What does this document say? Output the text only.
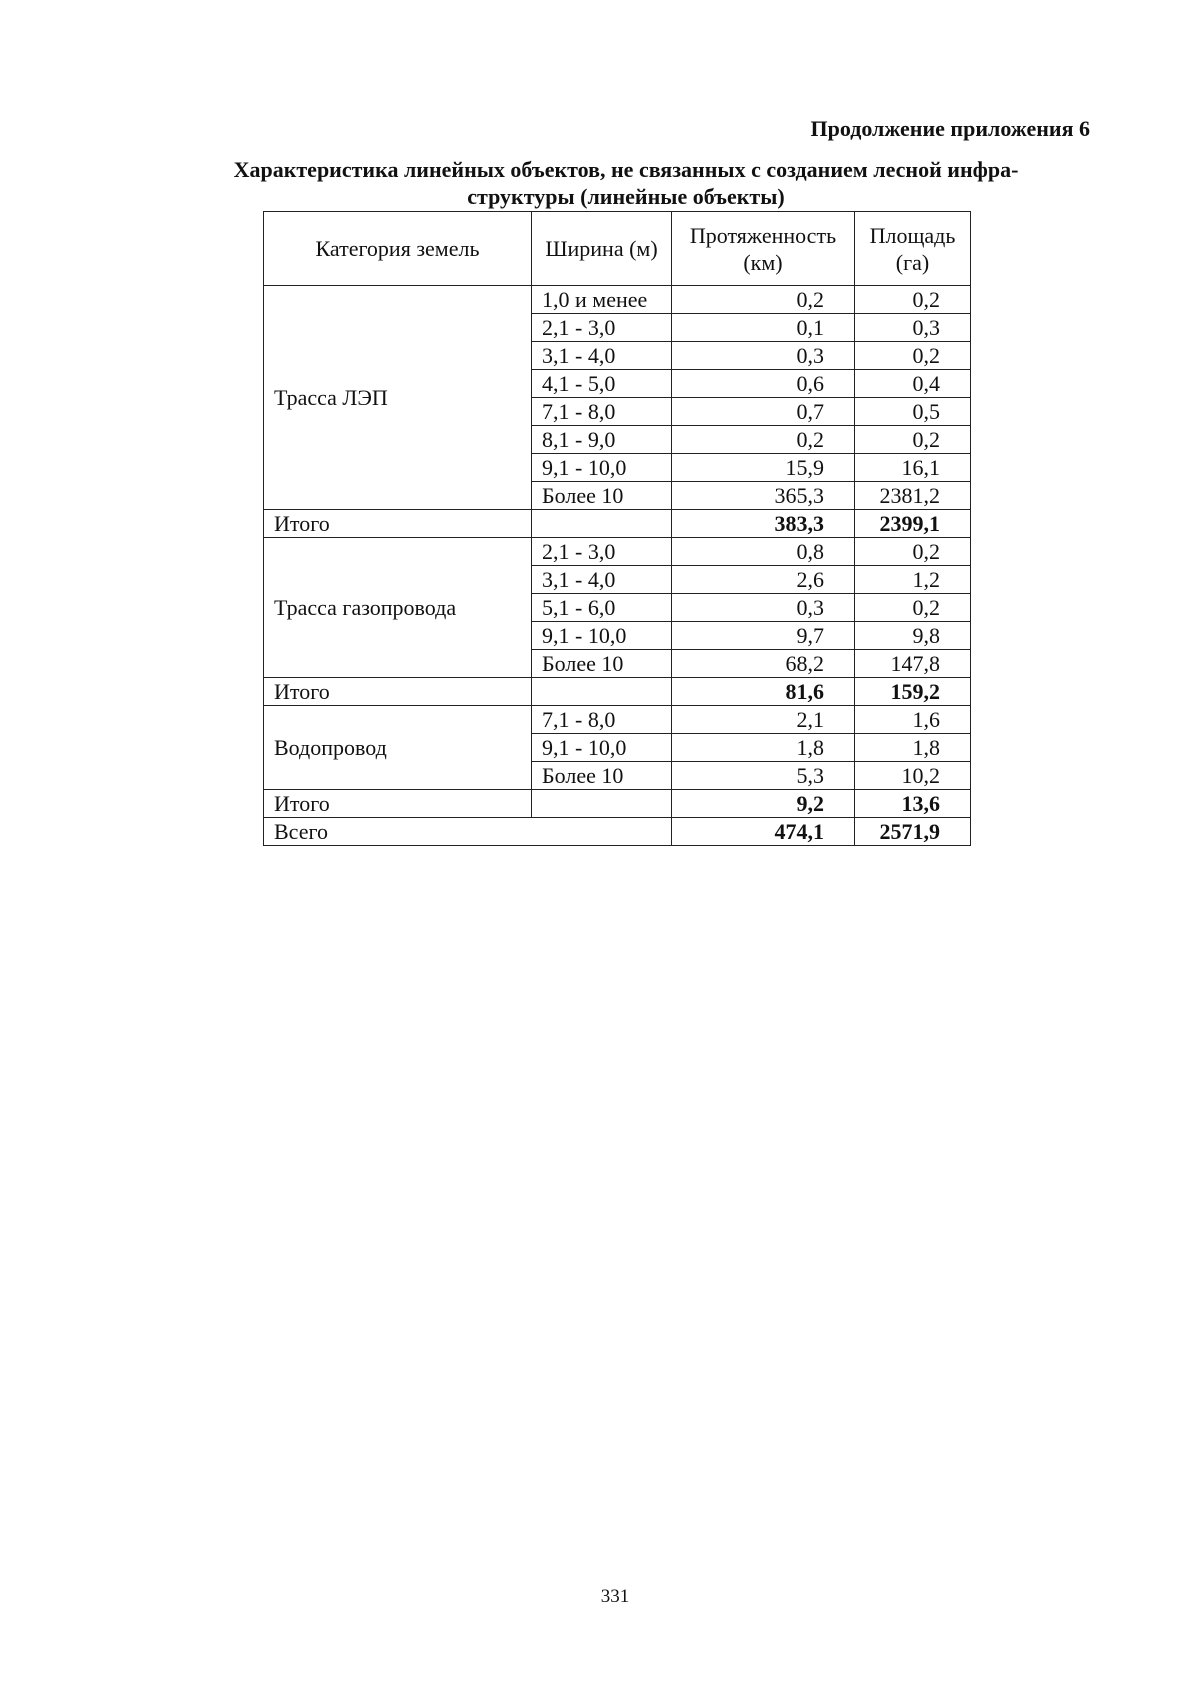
Продолжение приложения 6
Характеристика линейных объектов, не связанных с созданием лесной инфра-структуры (линейные объекты)
Категория земель	Ширина (м)	Протяженность (км)	Площадь (га)
Трасса ЛЭП	1,0 и менее	0,2	0,2
	2,1 - 3,0	0,1	0,3
	3,1 - 4,0	0,3	0,2
	4,1 - 5,0	0,6	0,4
	7,1 - 8,0	0,7	0,5
	8,1 - 9,0	0,2	0,2
	9,1 - 10,0	15,9	16,1
	Более 10	365,3	2381,2
Итого		383,3	2399,1
Трасса газопровода	2,1 - 3,0	0,8	0,2
	3,1 - 4,0	2,6	1,2
	5,1 - 6,0	0,3	0,2
	9,1 - 10,0	9,7	9,8
	Более 10	68,2	147,8
Итого		81,6	159,2
Водопровод	7,1 - 8,0	2,1	1,6
	9,1 - 10,0	1,8	1,8
	Более 10	5,3	10,2
Итого		9,2	13,6
Всего		474,1	2571,9
331
